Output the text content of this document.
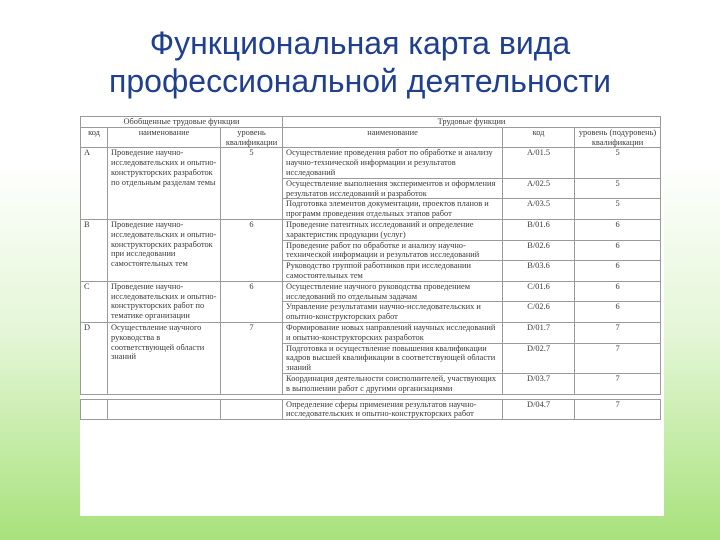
Функциональная карта вида
профессиональной деятельности
Обобщенные трудовые функции			Трудовые функции		
код	наименование	уровень квалификации	наименование	код	уровень (подуровень) квалификации
A	Проведение научно-исследовательских и опытно-конструкторских разработок по отдельным разделам темы	5	Осуществление проведения работ по обработке и анализу научно-технической информации и результатов исследований	A/01.5	5
			Осуществление выполнения экспериментов и оформления результатов исследований и разработок	A/02.5	5
			Подготовка элементов документации, проектов планов и программ проведения отдельных этапов работ	A/03.5	5
B	Проведение научно-исследовательских и опытно-конструкторских разработок при исследовании самостоятельных тем	6	Проведение патентных исследований и определение характеристик продукции (услуг)	B/01.6	6
			Проведение работ по обработке и анализу научно-технической информации и результатов исследований	B/02.6	6
			Руководство группой работников при исследовании самостоятельных тем	B/03.6	6
C	Проведение научно-исследовательских и опытно-конструкторских работ по тематике организации	6	Осуществление научного руководства проведением исследований по отдельным задачам	C/01.6	6
			Управление результатами научно-исследовательских и опытно-конструкторских работ	C/02.6	6
D	Осуществление научного руководства в соответствующей области знаний	7	Формирование новых направлений научных исследований и опытно-конструкторских разработок	D/01.7	7
			Подготовка и осуществление повышения квалификации кадров высшей квалификации в соответствующей области знаний	D/02.7	7
			Координация деятельности соисполнителей, участвующих в выполнении работ с другими организациями	D/03.7	7

			Определение сферы применения результатов научно-исследовательских и опытно-конструкторских работ	D/04.7	7
